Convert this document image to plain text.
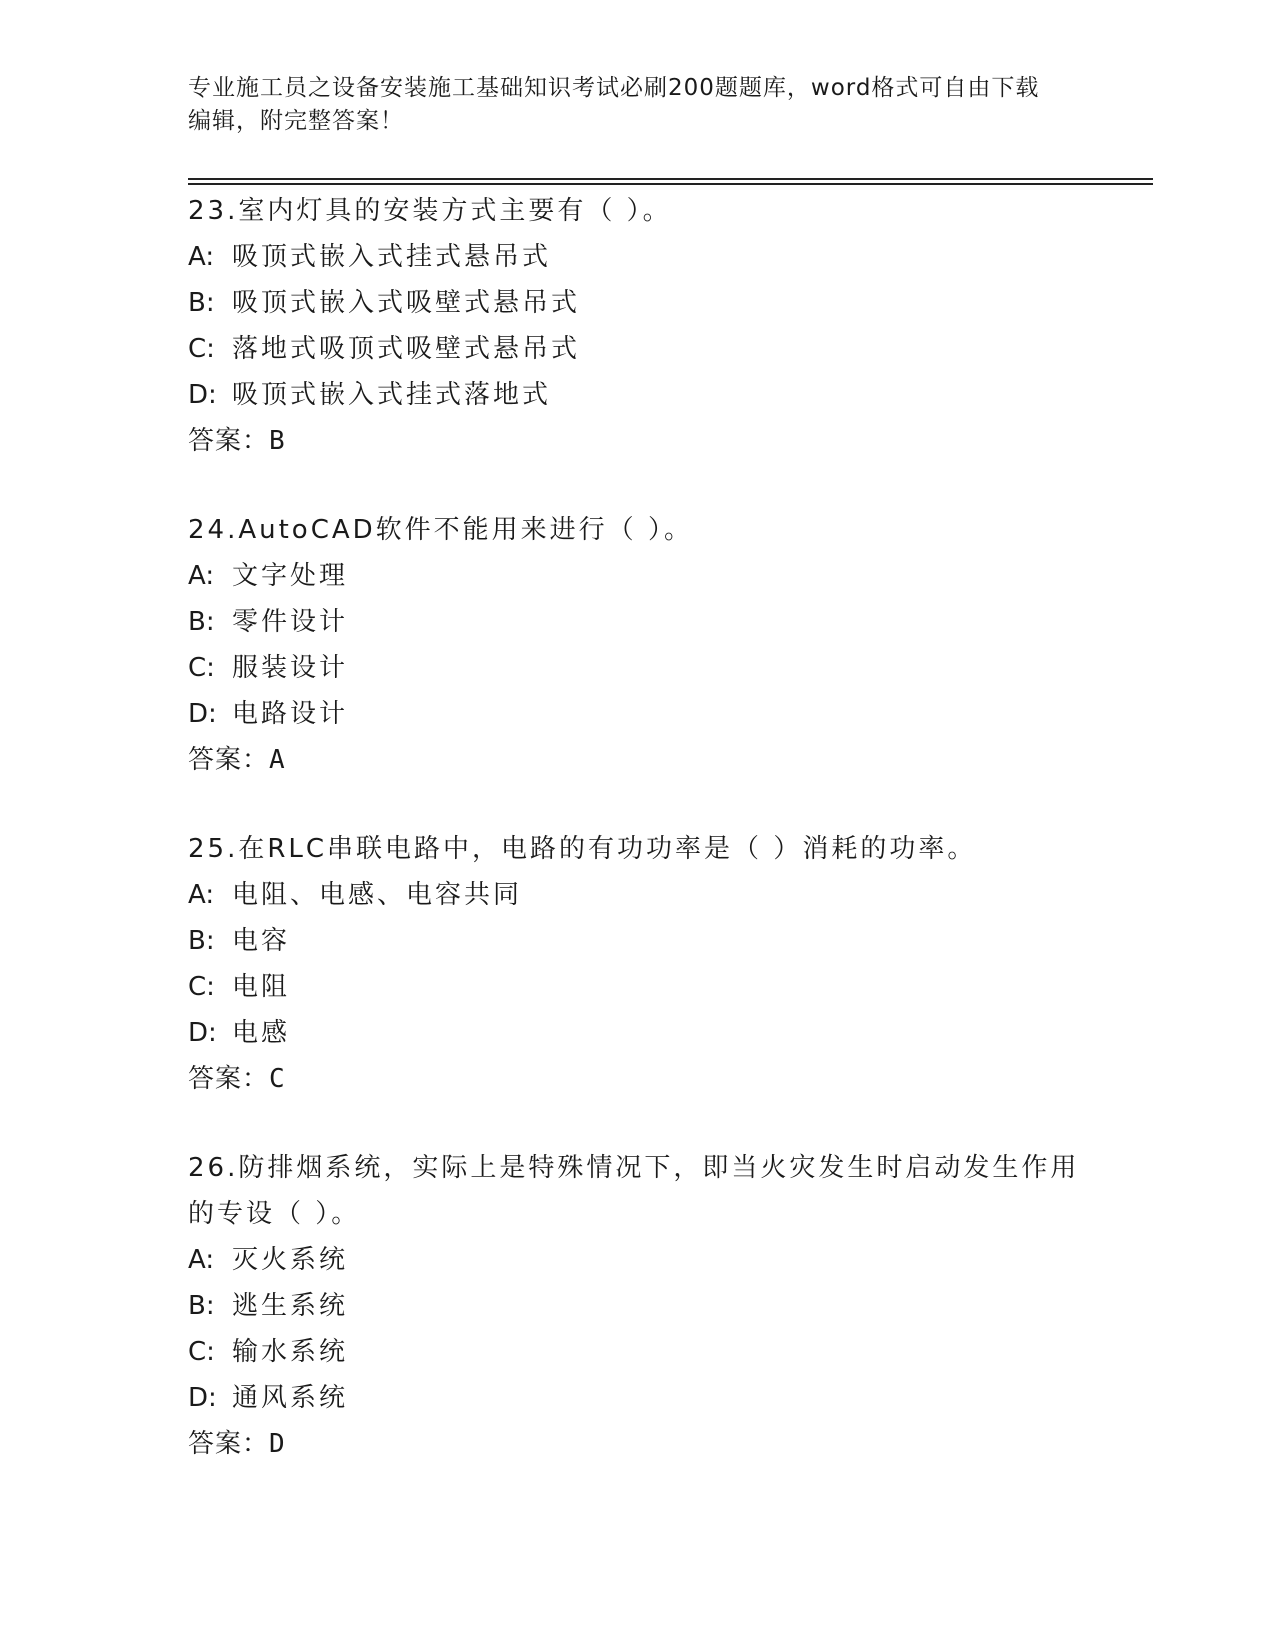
专业施工员之设备安装施工基础知识考试必刷200题题库，word格式可自由下载
编辑，附完整答案！

23.室内灯具的安装方式主要有（ ）。

A: 吸顶式嵌入式挂式悬吊式

B: 吸顶式嵌入式吸壁式悬吊式

C: 落地式吸顶式吸壁式悬吊式

D: 吸顶式嵌入式挂式落地式

答案：B

24.AutoCAD软件不能用来进行（ ）。

A: 文字处理

B: 零件设计

C: 服装设计

D: 电路设计

答案：A

25.在RLC串联电路中，电路的有功功率是（ ）消耗的功率。

A: 电阻、电感、电容共同

B: 电容

C: 电阻

D: 电感

答案：C

26.防排烟系统，实际上是特殊情况下，即当火灾发生时启动发生作用
的专设（ ）。

A: 灭火系统

B: 逃生系统

C: 输水系统

D: 通风系统

答案：D
